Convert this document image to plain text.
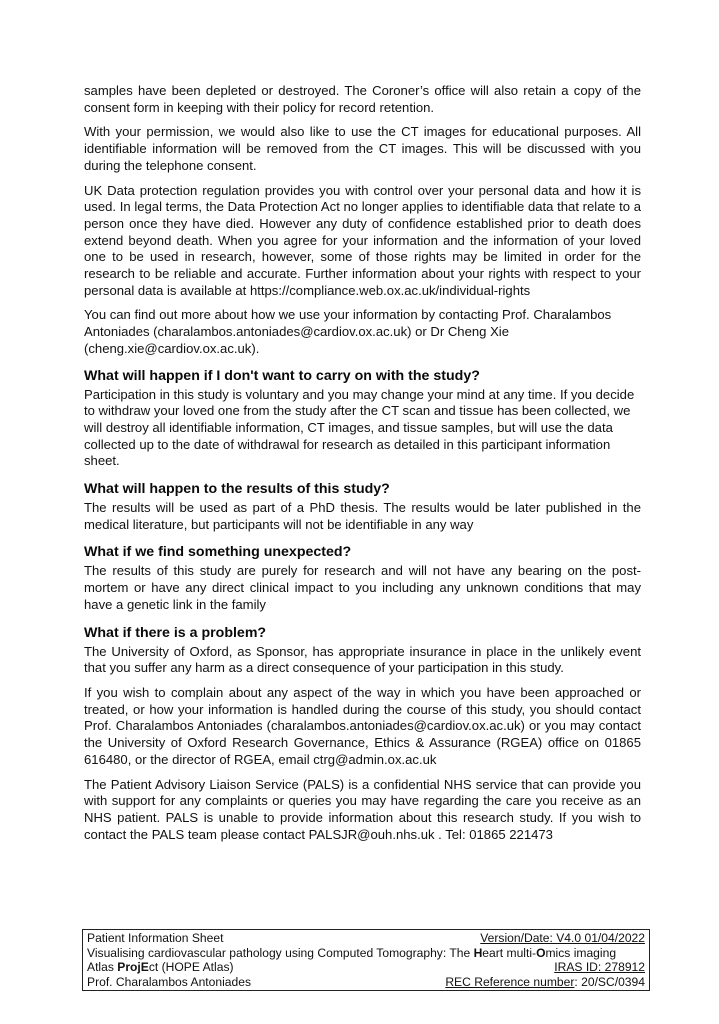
samples have been depleted or destroyed. The Coroner’s office will also retain a copy of the consent form in keeping with their policy for record retention.

With your permission, we would also like to use the CT images for educational purposes. All identifiable information will be removed from the CT images. This will be discussed with you during the telephone consent.

UK Data protection regulation provides you with control over your personal data and how it is used. In legal terms, the Data Protection Act no longer applies to identifiable data that relate to a person once they have died. However any duty of confidence established prior to death does extend beyond death. When you agree for your information and the information of your loved one to be used in research, however, some of those rights may be limited in order for the research to be reliable and accurate. Further information about your rights with respect to your personal data is available at https://compliance.web.ox.ac.uk/individual-rights

You can find out more about how we use your information by contacting Prof. Charalambos Antoniades (charalambos.antoniades@cardiov.ox.ac.uk) or Dr Cheng Xie (cheng.xie@cardiov.ox.ac.uk).

What will happen if I don't want to carry on with the study?

Participation in this study is voluntary and you may change your mind at any time. If you decide to withdraw your loved one from the study after the CT scan and tissue has been collected, we will destroy all identifiable information, CT images, and tissue samples, but will use the data collected up to the date of withdrawal for research as detailed in this participant information sheet.

What will happen to the results of this study?

The results will be used as part of a PhD thesis. The results would be later published in the medical literature, but participants will not be identifiable in any way

What if we find something unexpected?

The results of this study are purely for research and will not have any bearing on the post-mortem or have any direct clinical impact to you including any unknown conditions that may have a genetic link in the family

What if there is a problem?

The University of Oxford, as Sponsor, has appropriate insurance in place in the unlikely event that you suffer any harm as a direct consequence of your participation in this study.

If you wish to complain about any aspect of the way in which you have been approached or treated, or how your information is handled during the course of this study, you should contact Prof. Charalambos Antoniades (charalambos.antoniades@cardiov.ox.ac.uk) or you may contact the University of Oxford Research Governance, Ethics & Assurance (RGEA) office on 01865 616480, or the director of RGEA, email ctrg@admin.ox.ac.uk

The Patient Advisory Liaison Service (PALS) is a confidential NHS service that can provide you with support for any complaints or queries you may have regarding the care you receive as an NHS patient. PALS is unable to provide information about this research study. If you wish to contact the PALS team please contact PALSJR@ouh.nhs.uk . Tel: 01865 221473

Patient Information Sheet	Version/Date: V4.0 01/04/2022
Visualising cardiovascular pathology using Computed Tomography: The Heart multi-Omics imaging
Atlas ProjEct (HOPE Atlas)	IRAS ID: 278912
Prof. Charalambos Antoniades	REC Reference number: 20/SC/0394
